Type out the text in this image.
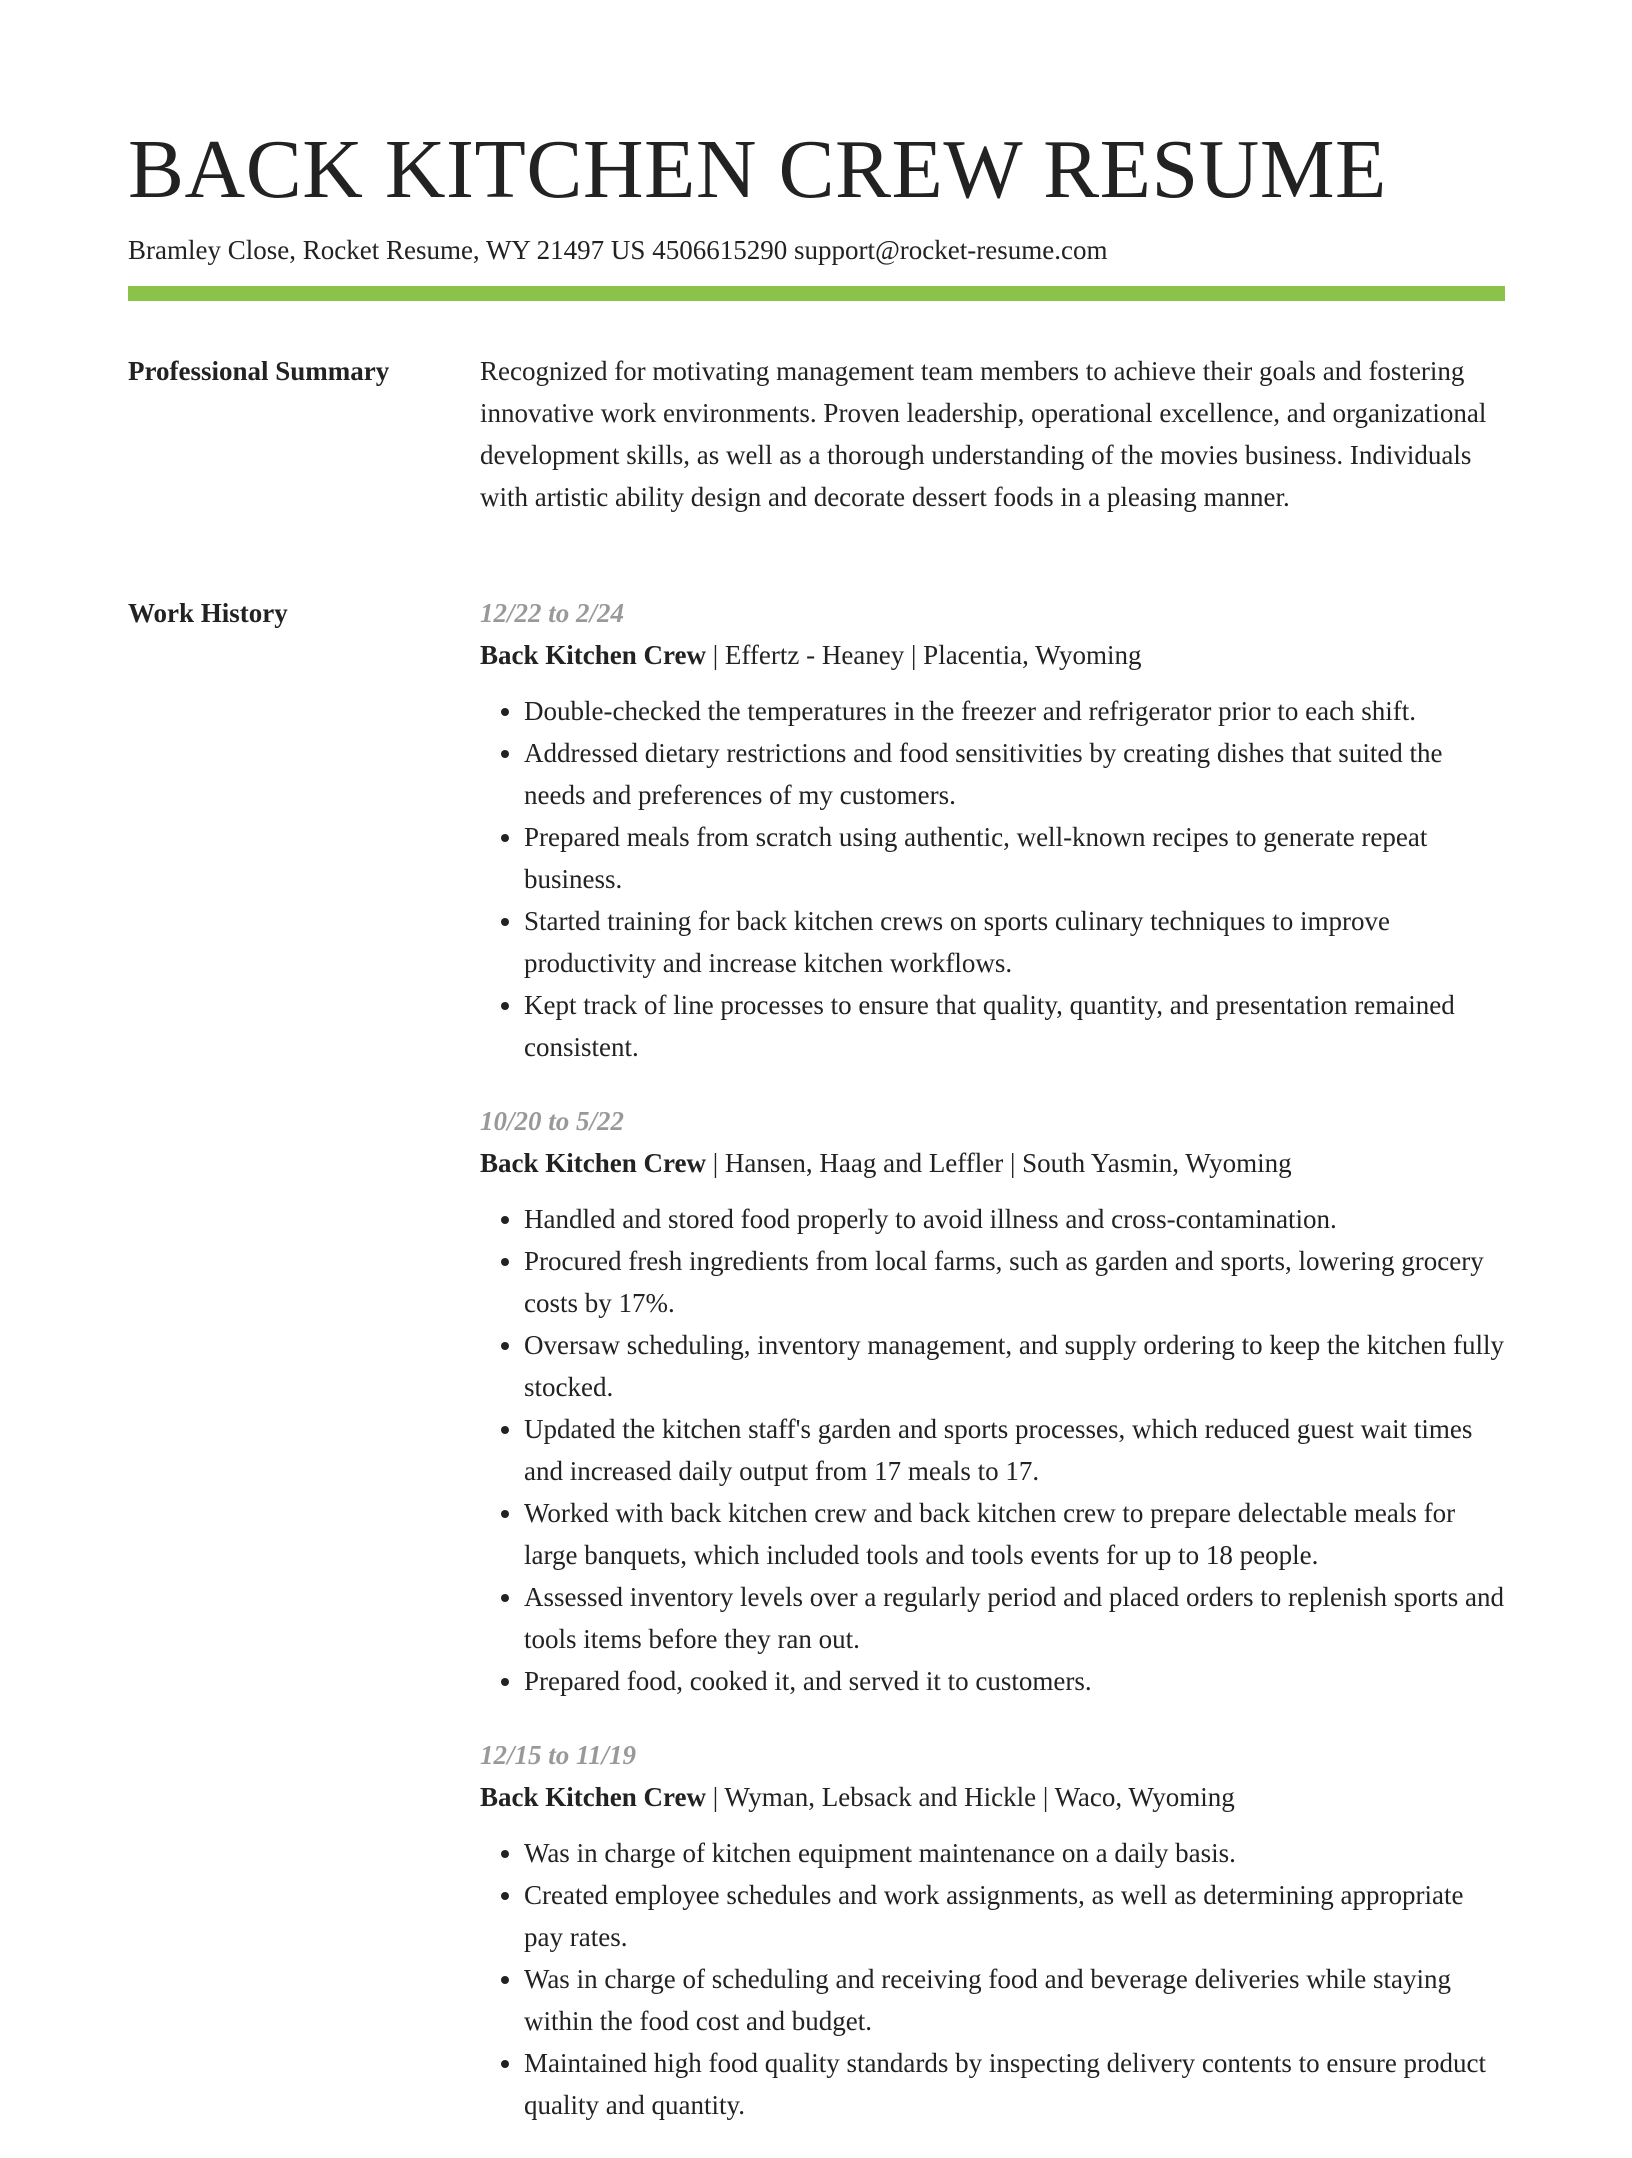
BACK KITCHEN CREW RESUME
Bramley Close, Rocket Resume, WY 21497 US 4506615290 support@rocket-resume.com
Professional Summary	Recognized for motivating management team members to achieve their goals and fostering innovative work environments. Proven leadership, operational excellence, and organizational development skills, as well as a thorough understanding of the movies business. Individuals with artistic ability design and decorate dessert foods in a pleasing manner.
Work History	12/22 to 2/24
Back Kitchen Crew | Effertz - Heaney | Placentia, Wyoming
• Double-checked the temperatures in the freezer and refrigerator prior to each shift.
• Addressed dietary restrictions and food sensitivities by creating dishes that suited the needs and preferences of my customers.
• Prepared meals from scratch using authentic, well-known recipes to generate repeat business.
• Started training for back kitchen crews on sports culinary techniques to improve productivity and increase kitchen workflows.
• Kept track of line processes to ensure that quality, quantity, and presentation remained consistent.
10/20 to 5/22
Back Kitchen Crew | Hansen, Haag and Leffler | South Yasmin, Wyoming
• Handled and stored food properly to avoid illness and cross-contamination.
• Procured fresh ingredients from local farms, such as garden and sports, lowering grocery costs by 17%.
• Oversaw scheduling, inventory management, and supply ordering to keep the kitchen fully stocked.
• Updated the kitchen staff's garden and sports processes, which reduced guest wait times and increased daily output from 17 meals to 17.
• Worked with back kitchen crew and back kitchen crew to prepare delectable meals for large banquets, which included tools and tools events for up to 18 people.
• Assessed inventory levels over a regularly period and placed orders to replenish sports and tools items before they ran out.
• Prepared food, cooked it, and served it to customers.
12/15 to 11/19
Back Kitchen Crew | Wyman, Lebsack and Hickle | Waco, Wyoming
• Was in charge of kitchen equipment maintenance on a daily basis.
• Created employee schedules and work assignments, as well as determining appropriate pay rates.
• Was in charge of scheduling and receiving food and beverage deliveries while staying within the food cost and budget.
• Maintained high food quality standards by inspecting delivery contents to ensure product quality and quantity.
